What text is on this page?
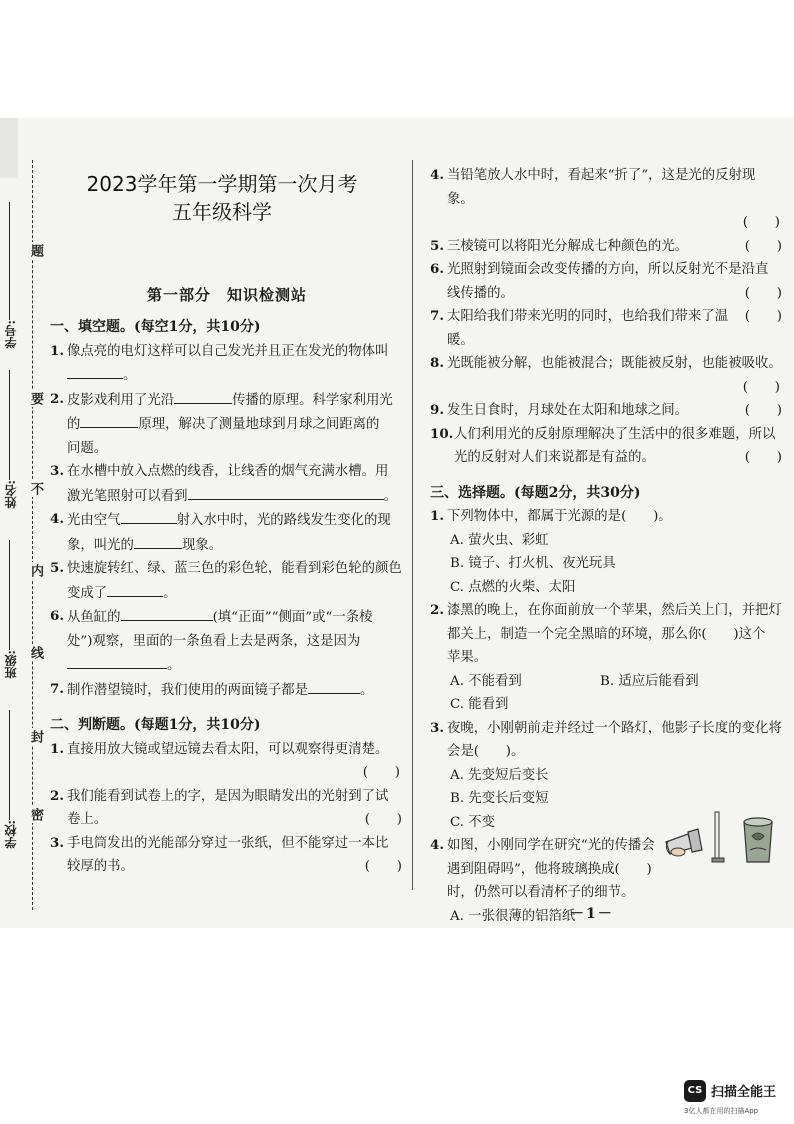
题
要
不
内
线
封
密
学号:
姓名:
班级:
学校:
2023学年第一学期第一次月考
五年级科学
第一部分　知识检测站
一、填空题。(每空1分，共10分)
1. 像点亮的电灯这样可以自己发光并且正在发光的物体叫
。
2. 皮影戏利用了光沿	传播的原理。科学家利用光
的	原理，解决了测量地球到月球之间距离的
问题。
3. 在水槽中放入点燃的线香，让线香的烟气充满水槽。用
激光笔照射可以看到	。
4. 光由空气	射入水中时，光的路线发生变化的现
象，叫光的	现象。
5. 快速旋转红、绿、蓝三色的彩色轮，能看到彩色轮的颜色
变成了	。
6. 从鱼缸的	(填“正面”“侧面”或“一条棱
处”)观察，里面的一条鱼看上去是两条，这是因为
。
7. 制作潜望镜时，我们使用的两面镜子都是	。
二、判断题。(每题1分，共10分)
1. 直接用放大镜或望远镜去看太阳，可以观察得更清楚。
(　　)
2. 我们能看到试卷上的字，是因为眼睛发出的光射到了试
卷上。	(　　)
3. 手电筒发出的光能部分穿过一张纸，但不能穿过一本比
较厚的书。	(　　)
4. 当铅笔放人水中时，看起来“折了”，这是光的反射现象。
(　　)
5. 三棱镜可以将阳光分解成七种颜色的光。	(　　)
6. 光照射到镜面会改变传播的方向，所以反射光不是沿直
线传播的。	(　　)
7. 太阳给我们带来光明的同时，也给我们带来了温暖。
(　　)
8. 光既能被分解，也能被混合；既能被反射，也能被吸收。
(　　)
9. 发生日食时，月球处在太阳和地球之间。	(　　)
10. 人们利用光的反射原理解决了生活中的很多难题，所以
光的反射对人们来说都是有益的。	(　　)
三、选择题。(每题2分，共30分)
1. 下列物体中，都属于光源的是(　　)。
A. 萤火虫、彩虹
B. 镜子、打火机、夜光玩具
C. 点燃的火柴、太阳
2. 漆黑的晚上，在你面前放一个苹果，然后关上门，并把灯
都关上，制造一个完全黑暗的环境，那么你(　　)这个
苹果。
A. 不能看到	B. 适应后能看到
C. 能看到
3. 夜晚，小刚朝前走并经过一个路灯，他影子长度的变化将
会是(　　)。
A. 先变短后变长
B. 先变长后变短
C. 不变
4. 如图，小刚同学在研究“光的传播会
遇到阻碍吗”，他将玻璃换成(　　)
时，仍然可以看清杯子的细节。
A. 一张很薄的铝箔纸
－1－
CS 扫描全能王
3亿人都在用的扫描App
